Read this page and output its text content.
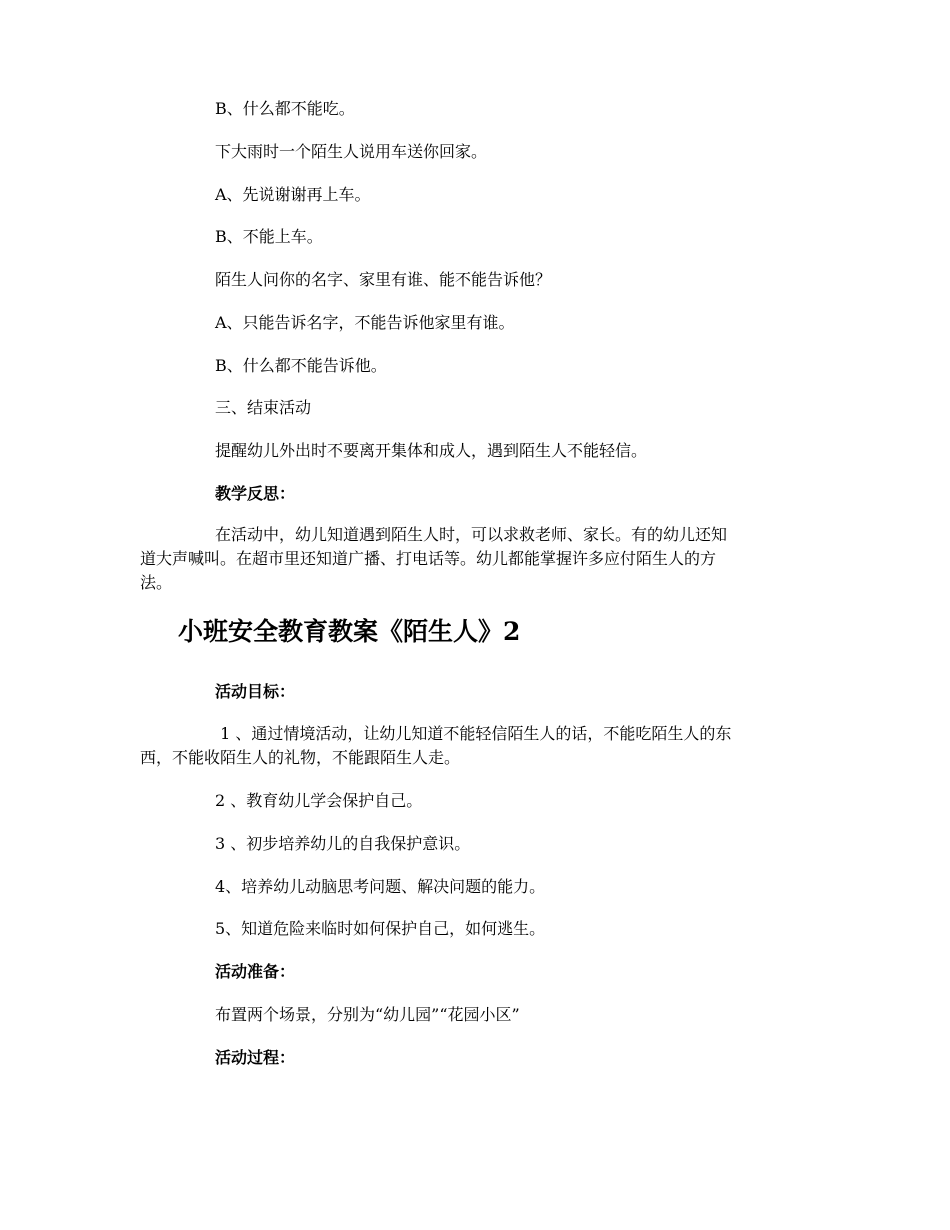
B、什么都不能吃。
下大雨时一个陌生人说用车送你回家。
A、先说谢谢再上车。
B、不能上车。
陌生人问你的名字、家里有谁、能不能告诉他？
A、只能告诉名字，不能告诉他家里有谁。
B、什么都不能告诉他。
三、结束活动
提醒幼儿外出时不要离开集体和成人，遇到陌生人不能轻信。
教学反思：
在活动中，幼儿知道遇到陌生人时，可以求救老师、家长。有的幼儿还知
道大声喊叫。在超市里还知道广播、打电话等。幼儿都能掌握许多应付陌生人的方
法。
小班安全教育教案《陌生人》2
活动目标：
1 、通过情境活动，让幼儿知道不能轻信陌生人的话，不能吃陌生人的东
西，不能收陌生人的礼物，不能跟陌生人走。
2 、教育幼儿学会保护自己。
3 、初步培养幼儿的自我保护意识。
4、培养幼儿动脑思考问题、解决问题的能力。
5、知道危险来临时如何保护自己，如何逃生。
活动准备：
布置两个场景，分别为“幼儿园”“花园小区”
活动过程：
